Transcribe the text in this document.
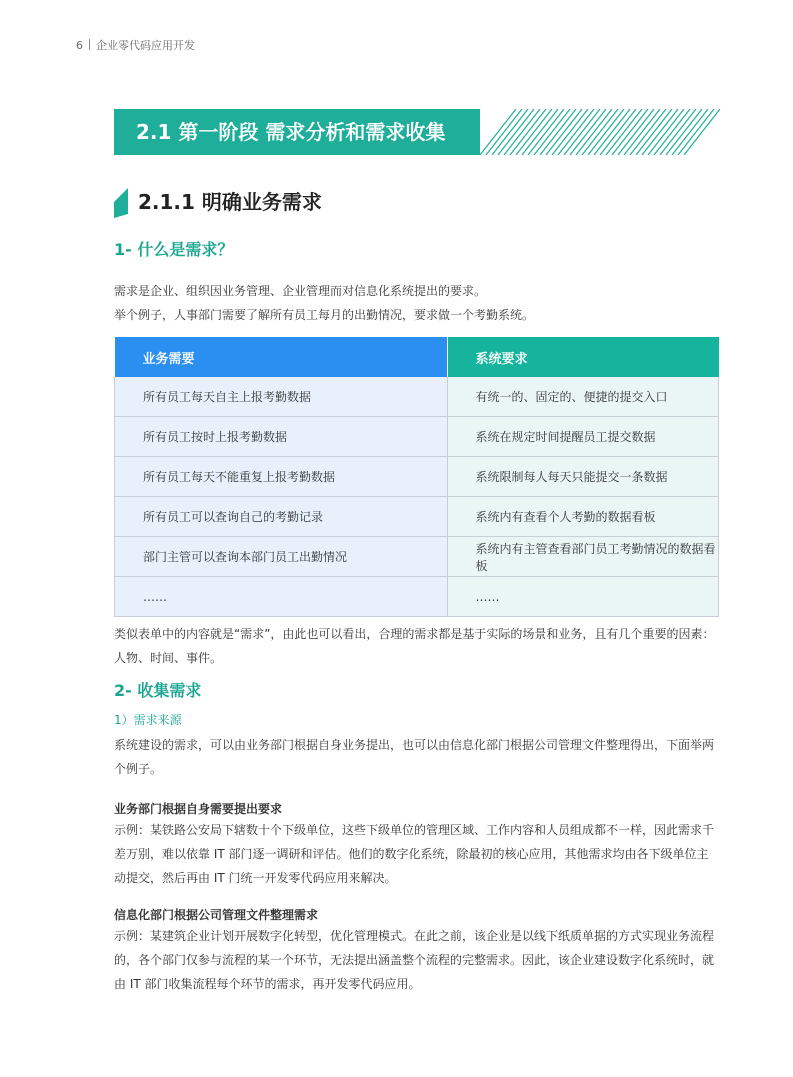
6 企业零代码应用开发
2.1 第一阶段 需求分析和需求收集
2.1.1 明确业务需求
1- 什么是需求？
需求是企业、组织因业务管理、企业管理而对信息化系统提出的要求。
举个例子，人事部门需要了解所有员工每月的出勤情况，要求做一个考勤系统。
业务需要	系统要求
所有员工每天自主上报考勤数据	有统一的、固定的、便捷的提交入口
所有员工按时上报考勤数据	系统在规定时间提醒员工提交数据
所有员工每天不能重复上报考勤数据	系统限制每人每天只能提交一条数据
所有员工可以查询自己的考勤记录	系统内有查看个人考勤的数据看板
部门主管可以查询本部门员工出勤情况	系统内有主管查看部门员工考勤情况的数据看板
……	……
类似表单中的内容就是“需求”，由此也可以看出，合理的需求都是基于实际的场景和业务，且有几个重要的因素：人物、时间、事件。
2- 收集需求
1）需求来源
系统建设的需求，可以由业务部门根据自身业务提出，也可以由信息化部门根据公司管理文件整理得出，下面举两个例子。
业务部门根据自身需要提出要求
示例：某铁路公安局下辖数十个下级单位，这些下级单位的管理区域、工作内容和人员组成都不一样，因此需求千差万别，难以依靠 IT 部门逐一调研和评估。他们的数字化系统，除最初的核心应用，其他需求均由各下级单位主动提交，然后再由 IT 门统一开发零代码应用来解决。
信息化部门根据公司管理文件整理需求
示例：某建筑企业计划开展数字化转型，优化管理模式。在此之前，该企业是以线下纸质单据的方式实现业务流程的，各个部门仅参与流程的某一个环节，无法提出涵盖整个流程的完整需求。因此，该企业建设数字化系统时，就由 IT 部门收集流程每个环节的需求，再开发零代码应用。
